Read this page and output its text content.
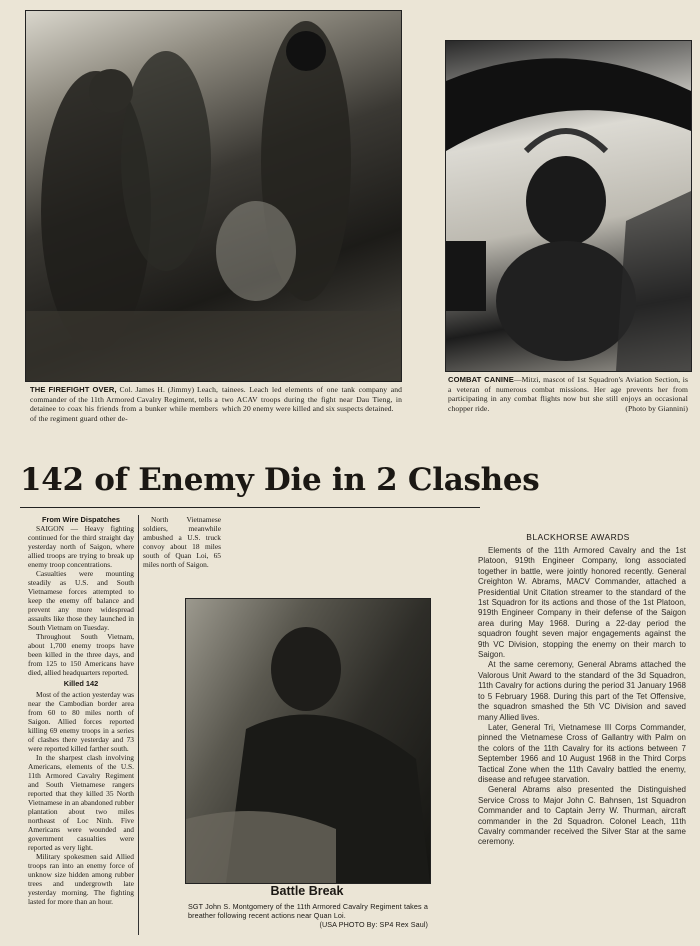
THE FIREFIGHT OVER, Col. James H. (Jimmy) Leach, commander of the 11th Armored Cavalry Regiment, tells a detainee to coax his friends from a bunker while members of the regiment guard other de-
tainees. Leach led elements of one tank company and two ACAV troops during the fight near Dau Tieng, in which 20 enemy were killed and six suspects detained.
COMBAT CANINE—Mitzi, mascot of 1st Squadron's Aviation Section, is a veteran of numerous combat missions. Her age prevents her from participating in any combat flights now but she still enjoys an occasional chopper ride.	(Photo by Giannini)
142 of Enemy Die in 2 Clashes

From Wire Dispatches

SAIGON — Heavy fighting continued for the third straight day yesterday north of Saigon, where allied troops are trying to break up enemy troop concentrations.

Casualties were mounting steadily as U.S. and South Vietnamese forces attempted to keep the enemy off balance and prevent any more widespread assaults like those they launched in South Vietnam on Tuesday.

Throughout South Vietnam, about 1,700 enemy troops have been killed in the three days, and from 125 to 150 Americans have died, allied headquarters reported.

Killed 142

Most of the action yesterday was near the Cambodian border area from 60 to 80 miles north of Saigon. Allied forces reported killing 69 enemy troops in a series of clashes there yesterday and 73 were reported killed farther south.

In the sharpest clash involving Americans, elements of the U.S. 11th Armored Cavalry Regiment and South Vietnamese rangers reported that they killed 35 North Vietnamese in an abandoned rubber plantation about two miles northeast of Loc Ninh. Five Americans were wounded and government casualties were reported as very light.

Military spokesmen said Allied troops ran into an enemy force of unknow size hidden among rubber trees and undergrowth late yesterday morning. The fighting lasted for more than an hour.

North Vietnamese soldiers, meanwhile ambushed a U.S. truck convoy about 18 miles south of Quan Loi, 65 miles north of Saigon.

Battle Break
SGT John S. Montgomery of the 11th Armored Cavalry Regiment takes a breather following recent actions near Quan Loi.
(USA PHOTO By: SP4 Rex Saul)
BLACKHORSE AWARDS

Elements of the 11th Armored Cavalry and the 1st Platoon, 919th Engineer Company, long associated together in battle, were jointly honored recently. General Creighton W. Abrams, MACV Commander, attached a Presidential Unit Citation streamer to the standard of the 1st Squadron for its actions and those of the 1st Platoon, 919th Engineer Company in their defense of the Saigon area during May 1968. During a 22-day period the squadron fought seven major engagements against the 9th VC Division, stopping the enemy on their march to Saigon.

At the same ceremony, General Abrams attached the Valorous Unit Award to the standard of the 3d Squadron, 11th Cavalry for actions during the period 31 January 1968 to 5 February 1968. During this part of the Tet Offensive, the squadron smashed the 5th VC Division and saved many Allied lives.

Later, General Tri, Vietnamese III Corps Commander, pinned the Vietnamese Cross of Gallantry with Palm on the colors of the 11th Cavalry for its actions between 7 September 1966 and 10 August 1968 in the Third Corps Tactical Zone when the 11th Cavalry battled the enemy, disease and refugee starvation.

General Abrams also presented the Distinguished Service Cross to Major John C. Bahnsen, 1st Squadron Commander and to Captain Jerry W. Thurman, aircraft commander in the 2d Squadron. Colonel Leach, 11th Cavalry commander received the Silver Star at the same ceremony.
